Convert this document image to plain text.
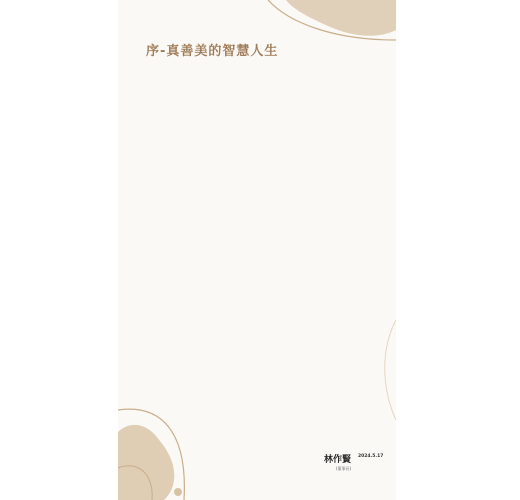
序-真善美的智慧人生

林作賢 2024.5.17
(董事長)
